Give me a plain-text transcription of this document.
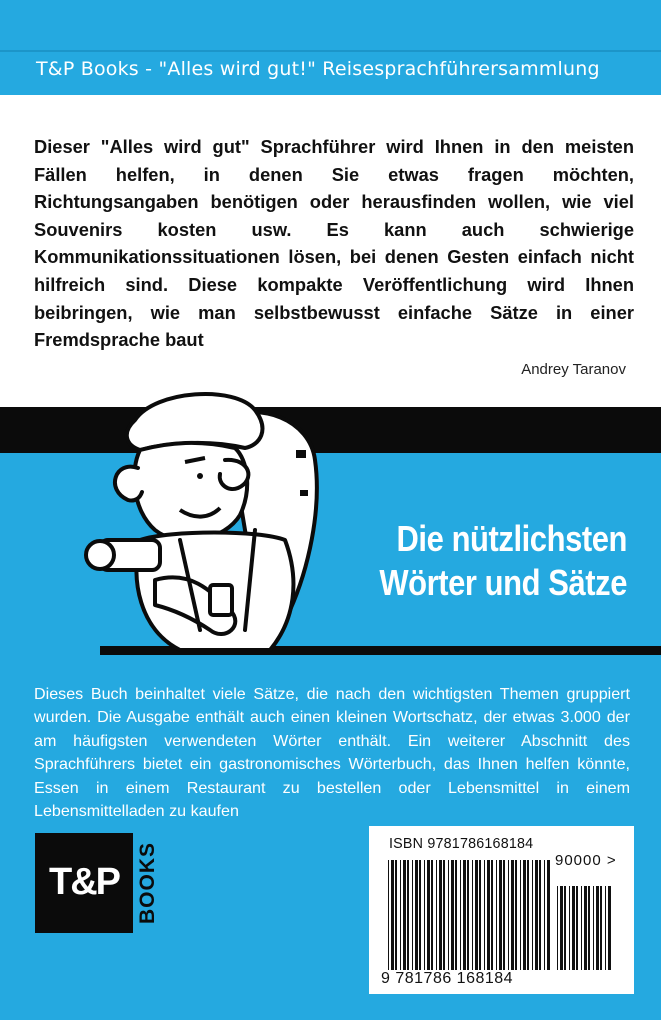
T&P Books - "Alles wird gut!" Reisesprachführersammlung

Dieser "Alles wird gut" Sprachführer wird Ihnen in den meisten Fällen helfen, in denen Sie etwas fragen möchten, Richtungsangaben benötigen oder herausfinden wollen, wie viel Souvenirs kosten usw. Es kann auch schwierige Kommunikationssituationen lösen, bei denen Gesten einfach nicht hilfreich sind. Diese kompakte Veröffentlichung wird Ihnen beibringen, wie man selbstbewusst einfache Sätze in einer Fremdsprache baut

Andrey Taranov
Die nützlichsten
Wörter und Sätze

Dieses Buch beinhaltet viele Sätze, die nach den wichtigsten Themen gruppiert wurden. Die Ausgabe enthält auch einen kleinen Wortschatz, der etwas 3.000 der am häufigsten verwendeten Wörter enthält. Ein weiterer Abschnitt des Sprachführers bietet ein gastronomisches Wörterbuch, das Ihnen helfen könnte, Essen in einem Restaurant zu bestellen oder Lebensmittel in einem Lebensmittelladen zu kaufen

T&P BOOKS	ISBN 9781786168184
90000 >
9 781786 168184
